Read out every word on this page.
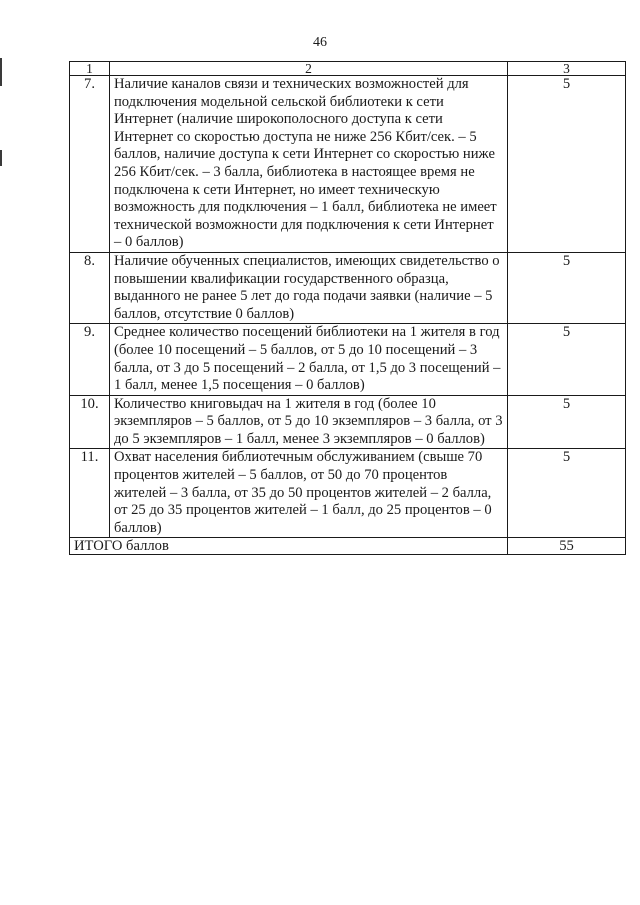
46
1	2	3
7.	Наличие каналов связи и технических возможностей для подключения модельной сельской библиотеки к сети Интернет (наличие широкополосного доступа к сети Интернет со скоростью доступа не ниже 256 Кбит/сек. – 5 баллов, наличие доступа к сети Интернет со скоростью ниже 256 Кбит/сек. – 3 балла, библиотека в настоящее время не подключена к сети Интернет, но имеет техническую возможность для подключения – 1 балл, библиотека не имеет технической возможности для подключения к сети Интернет – 0 баллов)	5
8.	Наличие обученных специалистов, имеющих свидетельство о повышении квалификации государственного образца, выданного не ранее 5 лет до года подачи заявки (наличие – 5 баллов, отсутствие 0 баллов)	5
9.	Среднее количество посещений библиотеки на 1 жителя в год (более 10 посещений – 5 баллов, от 5 до 10 посещений – 3 балла, от 3 до 5 посещений – 2 балла, от 1,5 до 3 посещений – 1 балл, менее 1,5 посещения – 0 баллов)	5
10.	Количество книговыдач на 1 жителя в год (более 10 экземпляров – 5 баллов, от 5 до 10 экземпляров – 3 балла, от 3 до 5 экземпляров – 1 балл, менее 3 экземпляров – 0 баллов)	5
11.	Охват населения библиотечным обслуживанием (свыше 70 процентов жителей – 5 баллов, от 50 до 70 процентов жителей – 3 балла, от 35 до 50 процентов жителей – 2 балла, от 25 до 35 процентов жителей – 1 балл, до 25 процентов – 0 баллов)	5
ИТОГО баллов		55
